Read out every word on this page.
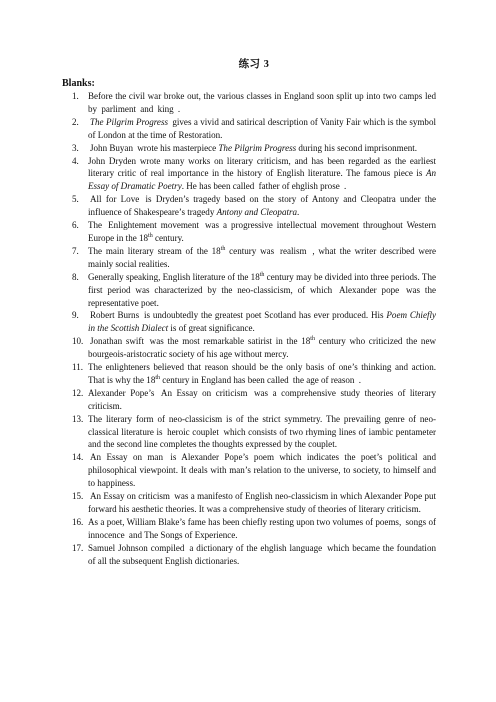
练习 3
Blanks:
1. Before the civil war broke out, the various classes in England soon split up into two camps led by parliment and king .
2. The Pilgrim Progress gives a vivid and satirical description of Vanity Fair which is the symbol of London at the time of Restoration.
3. John Buyan wrote his masterpiece The Pilgrim Progress during his second imprisonment.
4. John Dryden wrote many works on literary criticism, and has been regarded as the earliest literary critic of real importance in the history of English literature. The famous piece is An Essay of Dramatic Poetry. He has been called father of ehglish prose .
5. All for Love is Dryden’s tragedy based on the story of Antony and Cleopatra under the influence of Shakespeare’s tragedy Antony and Cleopatra.
6. The Enlightement movement was a progressive intellectual movement throughout Western Europe in the 18th century.
7. The main literary stream of the 18th century was realism , what the writer described were mainly social realities.
8. Generally speaking, English literature of the 18th century may be divided into three periods. The first period was characterized by the neo-classicism, of which Alexander pope was the representative poet.
9. Robert Burns is undoubtedly the greatest poet Scotland has ever produced. His Poem Chiefly in the Scottish Dialect is of great significance.
10. Jonathan swift was the most remarkable satirist in the 18th century who criticized the new bourgeois-aristocratic society of his age without mercy.
11. The enlighteners believed that reason should be the only basis of one’s thinking and action. That is why the 18th century in England has been called the age of reason .
12. Alexander Pope’s An Essay on criticism was a comprehensive study theories of literary criticism.
13. The literary form of neo-classicism is of the strict symmetry. The prevailing genre of neo-classical literature is heroic couplet which consists of two rhyming lines of iambic pentameter and the second line completes the thoughts expressed by the couplet.
14. An Essay on man is Alexander Pope’s poem which indicates the poet’s political and philosophical viewpoint. It deals with man’s relation to the universe, to society, to himself and to happiness.
15. An Essay on criticism was a manifesto of English neo-classicism in which Alexander Pope put forward his aesthetic theories. It was a comprehensive study of theories of literary criticism.
16. As a poet, William Blake’s fame has been chiefly resting upon two volumes of poems, songs of innocence and The Songs of Experience.
17. Samuel Johnson compiled a dictionary of the ehglish language which became the foundation of all the subsequent English dictionaries.
